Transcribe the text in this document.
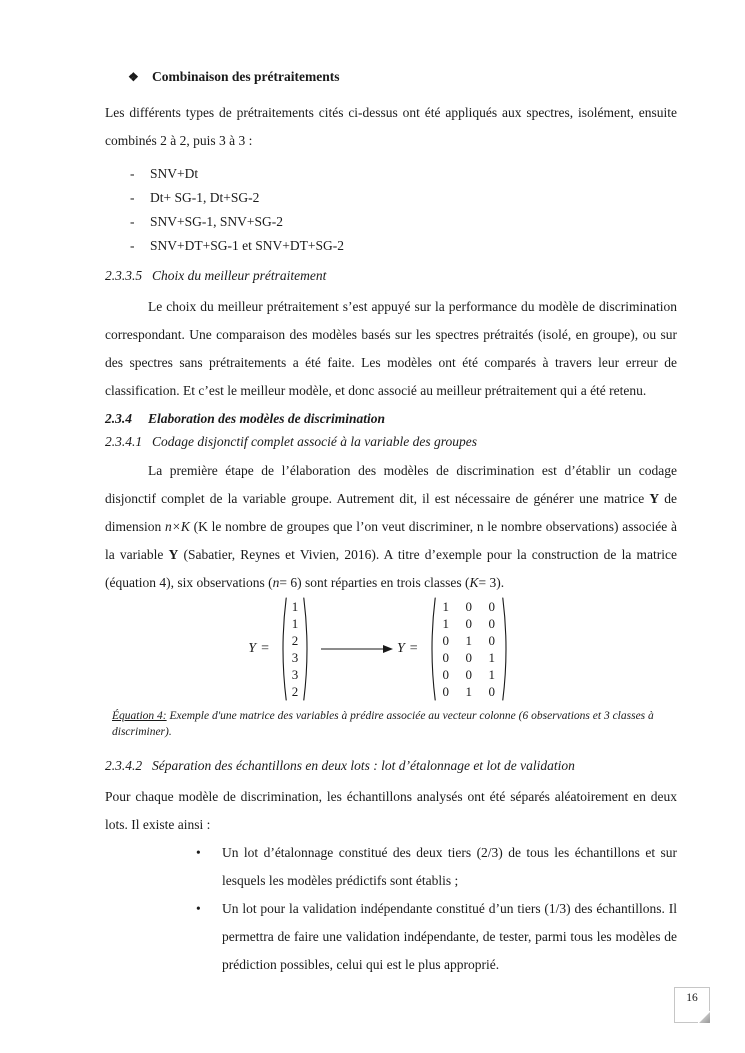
❖ Combinaison des prétraitements

Les différents types de prétraitements cités ci-dessus ont été appliqués aux spectres, isolément, ensuite combinés 2 à 2, puis 3 à 3 :

- SNV+Dt
- Dt+ SG-1, Dt+SG-2
- SNV+SG-1, SNV+SG-2
- SNV+DT+SG-1 et SNV+DT+SG-2
2.3.3.5 Choix du meilleur prétraitement

Le choix du meilleur prétraitement s’est appuyé sur la performance du modèle de discrimination correspondant. Une comparaison des modèles basés sur les spectres prétraités (isolé, en groupe), ou sur des spectres sans prétraitements a été faite. Les modèles ont été comparés à travers leur erreur de classification. Et c’est le meilleur modèle, et donc associé au meilleur prétraitement qui a été retenu.

2.3.4 Elaboration des modèles de discrimination
2.3.4.1 Codage disjonctif complet associé à la variable des groupes

La première étape de l’élaboration des modèles de discrimination est d’établir un codage disjonctif complet de la variable groupe. Autrement dit, il est nécessaire de générer une matrice Y de dimension n×K (K le nombre de groupes que l’on veut discriminer, n le nombre observations) associée à la variable Y (Sabatier, Reynes et Vivien, 2016). A titre d’exemple pour la construction de la matrice (équation 4), six observations (n= 6) sont réparties en trois classes (K= 3).

Y =
1
1
2
3
3
2
Y =
1 0 0
1 0 0
0 1 0
0 0 1
0 0 1
0 1 0

Équation 4: Exemple d'une matrice des variables à prédire associée au vecteur colonne (6 observations et 3 classes à discriminer).

2.3.4.2 Séparation des échantillons en deux lots : lot d’étalonnage et lot de validation

Pour chaque modèle de discrimination, les échantillons analysés ont été séparés aléatoirement en deux lots. Il existe ainsi :

•	Un lot d’étalonnage constitué des deux tiers (2/3) de tous les échantillons et sur lesquels les modèles prédictifs sont établis ;
•	Un lot pour la validation indépendante constitué d’un tiers (1/3) des échantillons. Il permettra de faire une validation indépendante, de tester, parmi tous les modèles de prédiction possibles, celui qui est le plus approprié.
16
